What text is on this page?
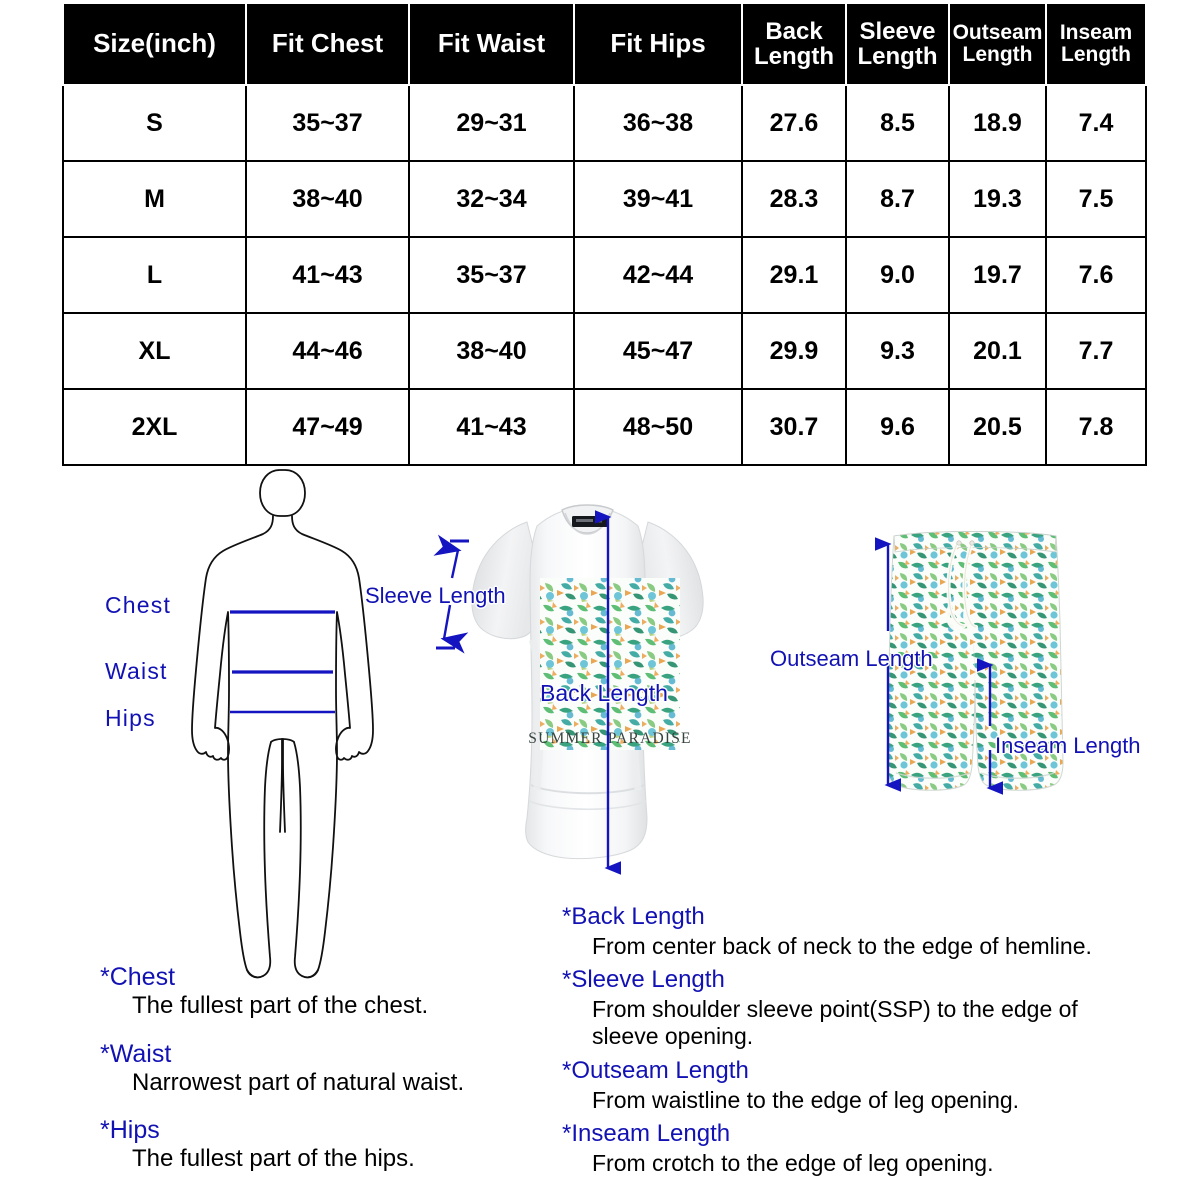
Size(inch)	Fit Chest	Fit Waist	Fit Hips	Back Length	Sleeve Length	Outseam Length	Inseam Length
S	35~37	29~31	36~38	27.6	8.5	18.9	7.4
M	38~40	32~34	39~41	28.3	8.7	19.3	7.5
L	41~43	35~37	42~44	29.1	9.0	19.7	7.6
XL	44~46	38~40	45~47	29.9	9.3	20.1	7.7
2XL	47~49	41~43	48~50	30.7	9.6	20.5	7.8
Chest
Waist
Hips
SUMMER PARADISE
Sleeve Length
Back Length
Outseam Length
Inseam Length

*Chest

The fullest part of the chest.

*Waist

Narrowest part of natural waist.

*Hips

The fullest part of the hips.

*Back Length

From center back of neck to the edge of hemline.

*Sleeve Length

From shoulder sleeve point(SSP) to the edge of sleeve opening.

*Outseam Length

From waistline to the edge of leg opening.

*Inseam Length

From crotch to the edge of leg opening.
